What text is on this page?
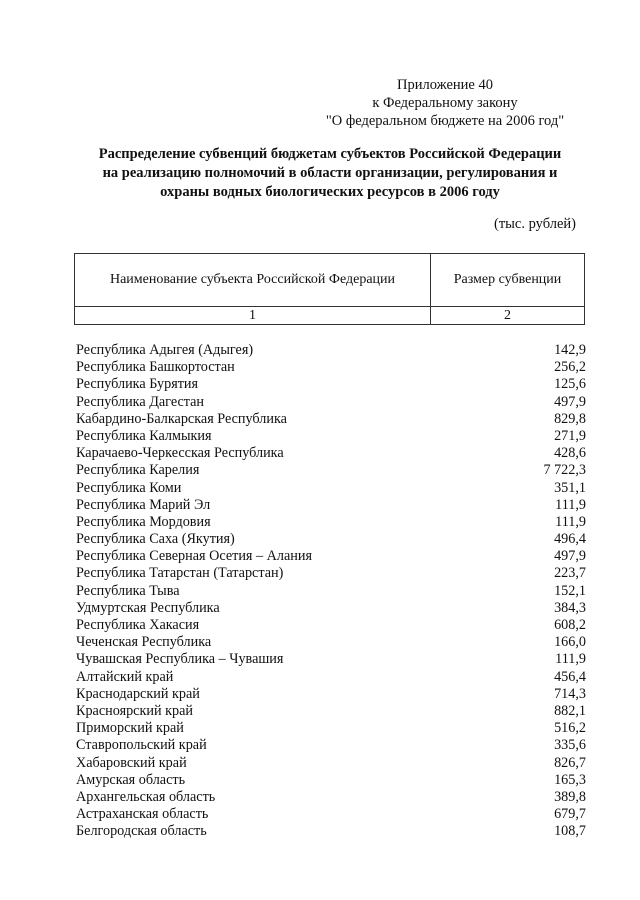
Приложение 40
к Федеральному закону
"О федеральном бюджете на 2006 год"
Распределение субвенций бюджетам субъектов Российской Федерации
на реализацию полномочий в области организации, регулирования и
охраны водных биологических ресурсов в 2006 году
(тыс. рублей)
Наименование субъекта Российской Федерации	Размер субвенции
1	2
Республика Адыгея (Адыгея)	142,9
Республика Башкортостан	256,2
Республика Бурятия	125,6
Республика Дагестан	497,9
Кабардино-Балкарская Республика	829,8
Республика Калмыкия	271,9
Карачаево-Черкесская Республика	428,6
Республика Карелия	7 722,3
Республика Коми	351,1
Республика Марий Эл	111,9
Республика Мордовия	111,9
Республика Саха (Якутия)	496,4
Республика Северная Осетия – Алания	497,9
Республика Татарстан (Татарстан)	223,7
Республика Тыва	152,1
Удмуртская Республика	384,3
Республика Хакасия	608,2
Чеченская Республика	166,0
Чувашская Республика – Чувашия	111,9
Алтайский край	456,4
Краснодарский край	714,3
Красноярский край	882,1
Приморский край	516,2
Ставропольский край	335,6
Хабаровский край	826,7
Амурская область	165,3
Архангельская область	389,8
Астраханская область	679,7
Белгородская область	108,7
